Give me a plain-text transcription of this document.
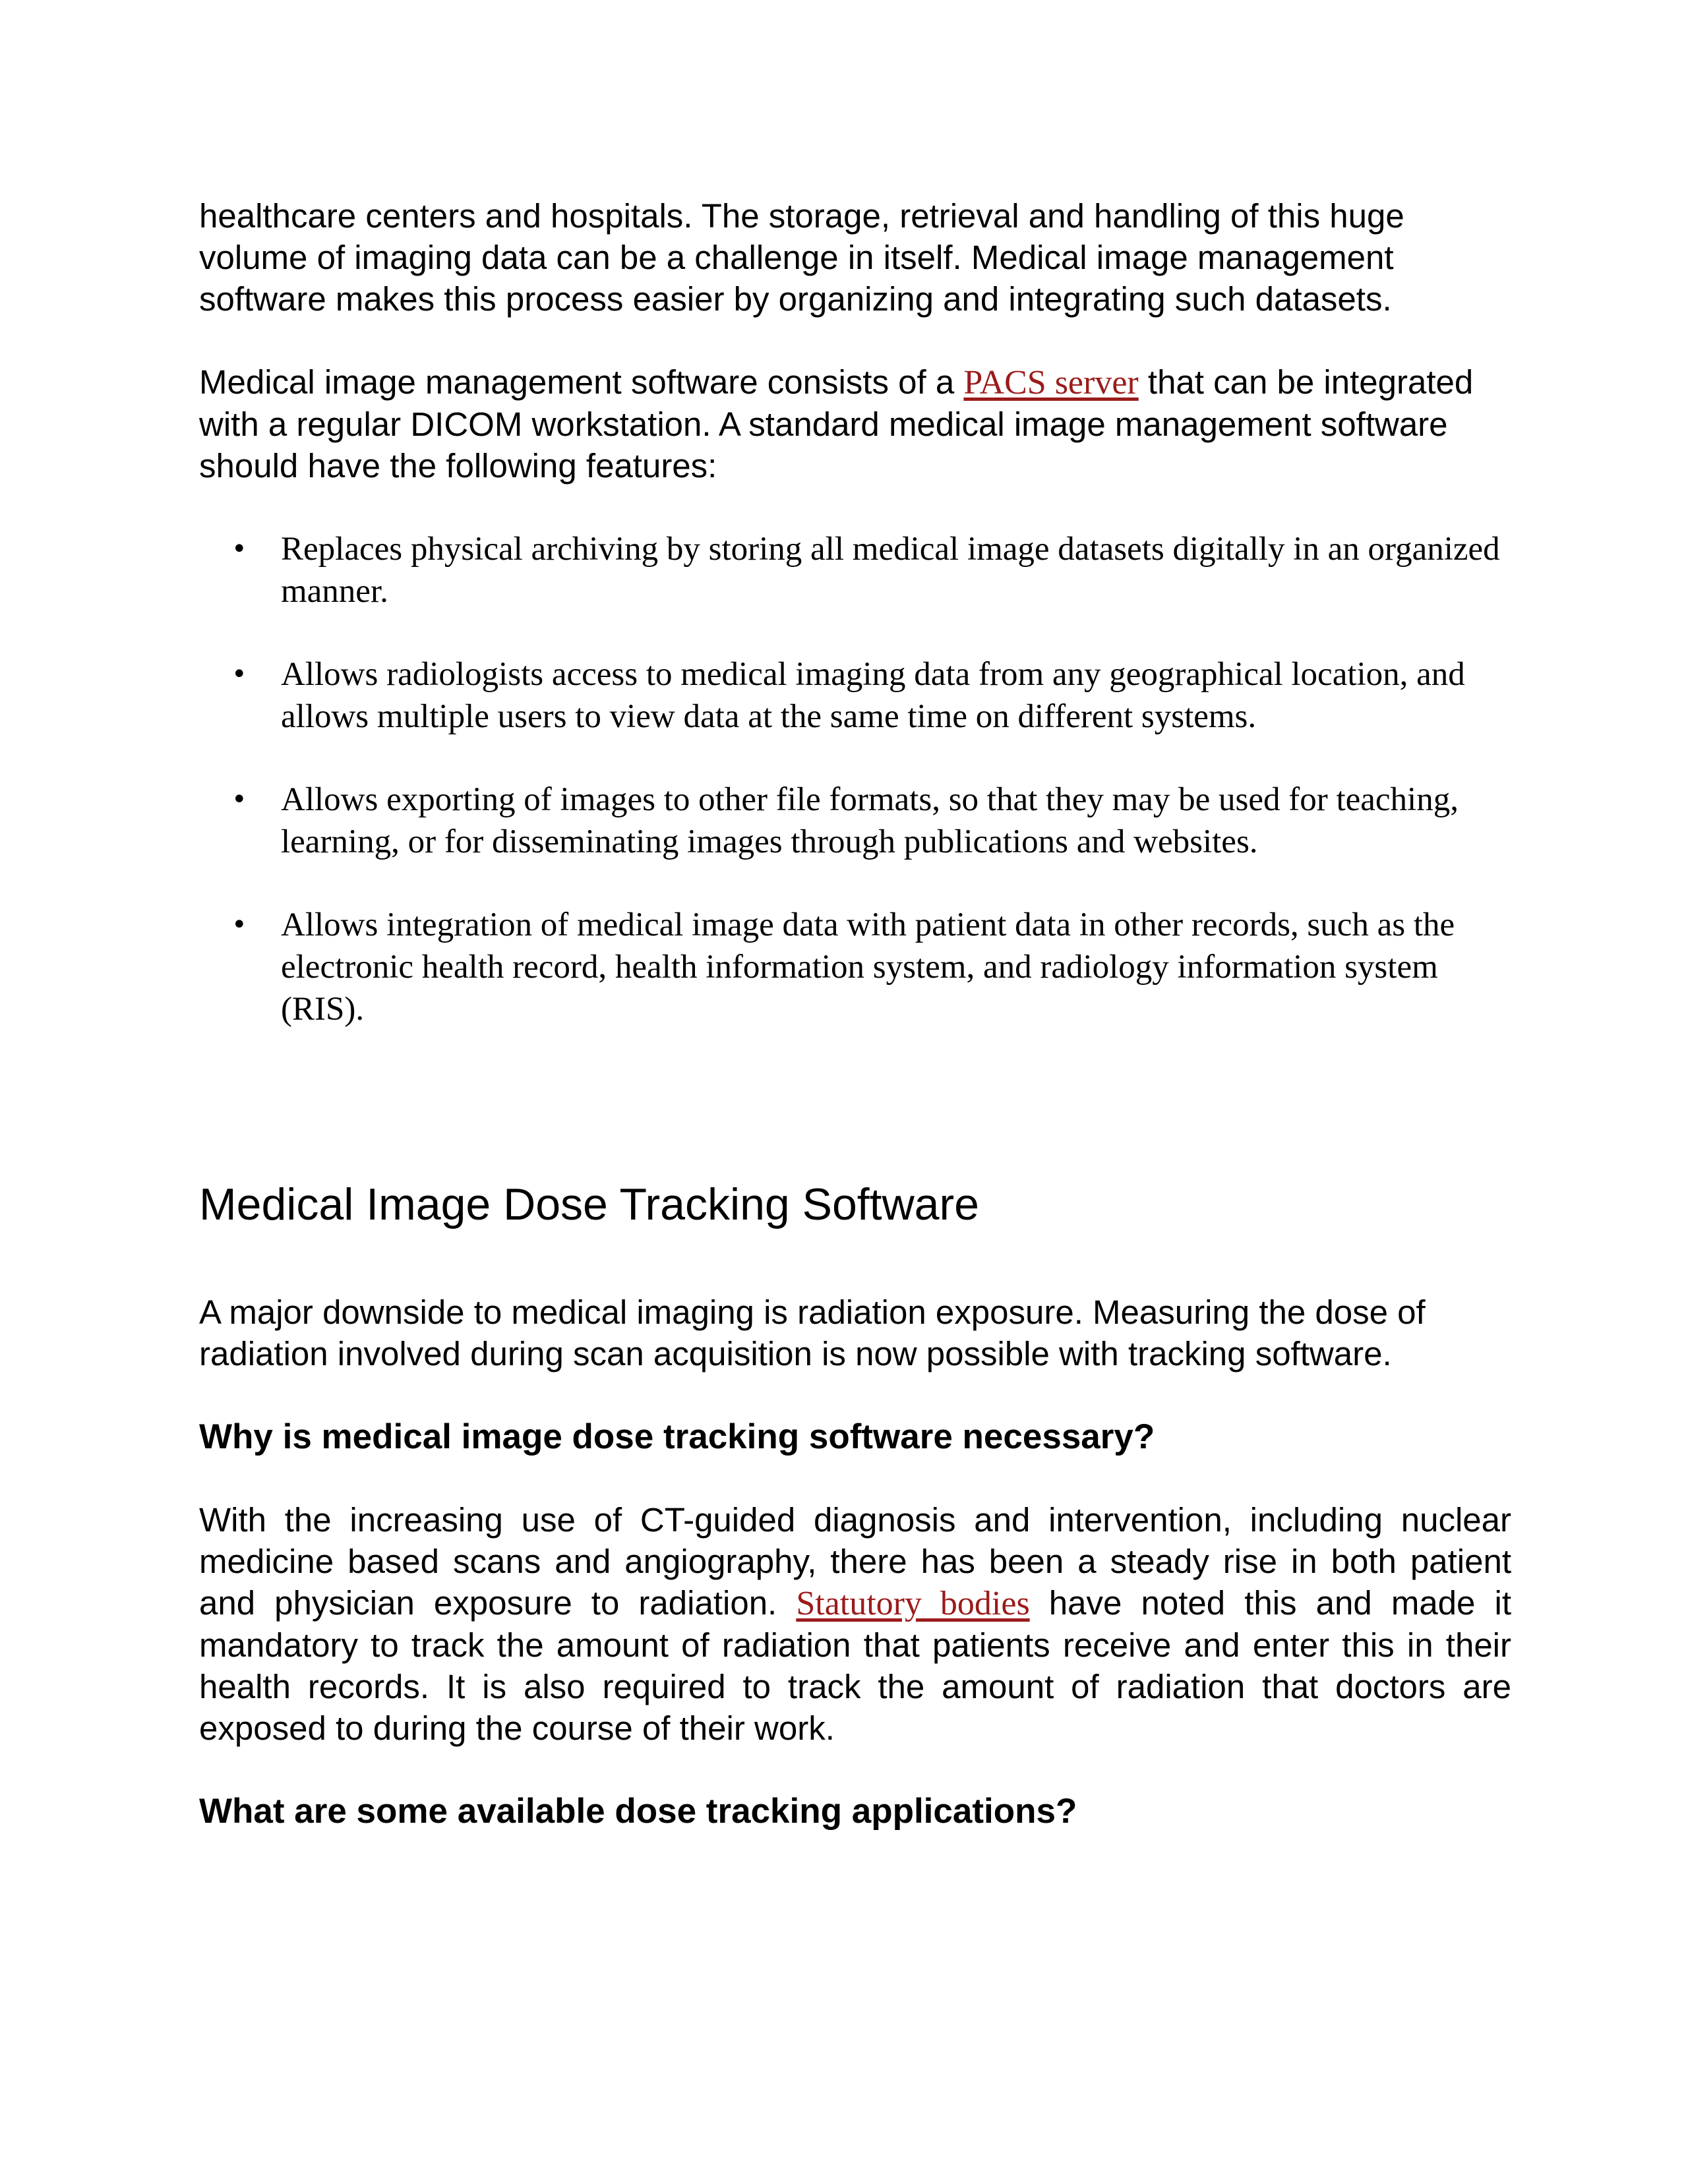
healthcare centers and hospitals. The storage, retrieval and handling of this huge volume of imaging data can be a challenge in itself. Medical image management software makes this process easier by organizing and integrating such datasets.

Medical image management software consists of a PACS server that can be integrated with a regular DICOM workstation. A standard medical image management software should have the following features:

• Replaces physical archiving by storing all medical image datasets digitally in an organized manner.
• Allows radiologists access to medical imaging data from any geographical location, and allows multiple users to view data at the same time on different systems.
• Allows exporting of images to other file formats, so that they may be used for teaching, learning, or for disseminating images through publications and websites.
• Allows integration of medical image data with patient data in other records, such as the electronic health record, health information system, and radiology information system (RIS).
Medical Image Dose Tracking Software

A major downside to medical imaging is radiation exposure. Measuring the dose of radiation involved during scan acquisition is now possible with tracking software.

Why is medical image dose tracking software necessary?

With the increasing use of CT-guided diagnosis and intervention, including nuclear medicine based scans and angiography, there has been a steady rise in both patient and physician exposure to radiation. Statutory bodies have noted this and made it mandatory to track the amount of radiation that patients receive and enter this in their health records. It is also required to track the amount of radiation that doctors are exposed to during the course of their work.

What are some available dose tracking applications?
